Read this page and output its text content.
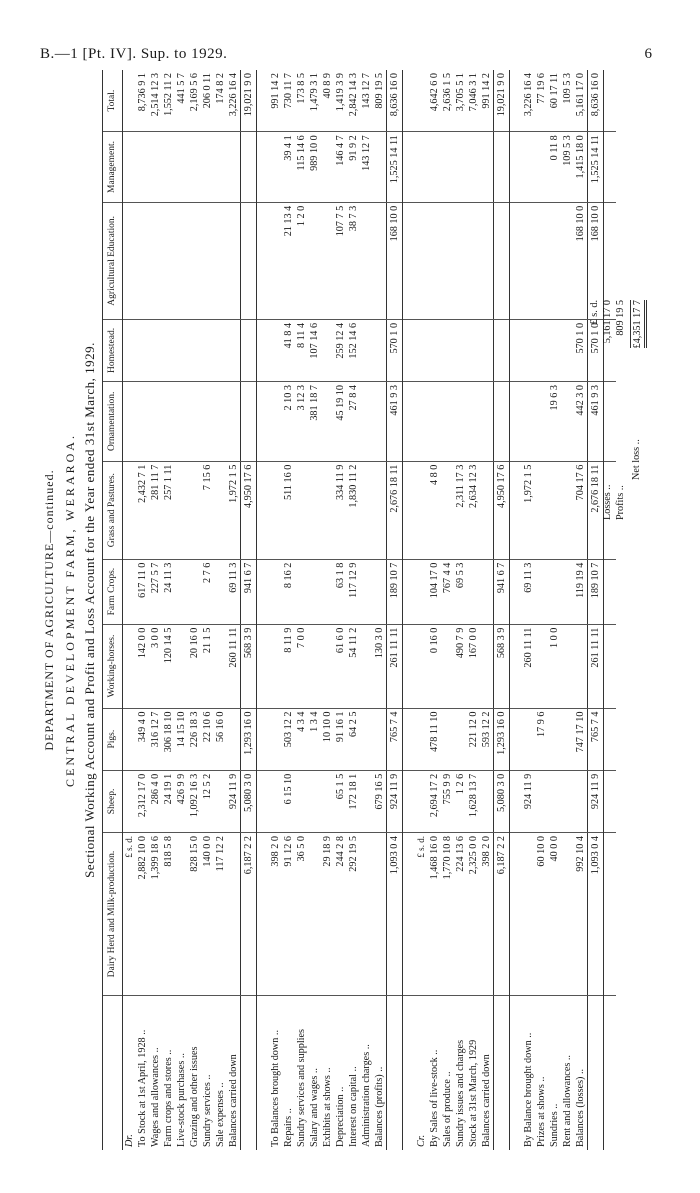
B.—1 [Pt. IV]. Sup. to 1929.	6
DEPARTMENT OF AGRICULTURE—continued. CENTRAL DEVELOPMENT FARM, WERAROA. Sectional Working Account and Profit and Loss Account for the Year ended 31st March, 1929.
	Dairy Herd and Milk-production.	Sheep.	Pigs.	Working-horses.	Farm Crops.	Grass and Pastures.	Ornamentation.	Homestead.	Agricultural Education.	Management.	Total.
Dr.	£ s. d.										
To Stock at 1st April, 1928 ..	2,882 10 0	2,312 17 0	349 4 0	142 0 0	617 11 0	2,432 7 1					8,736 9 1
Wages and allowances ..	1,399 18 6	286 4 0	316 12 7	3 0 0	227 5 7	281 11 7					2,514 12 3
Farm crops and stores ..	818 5 8	24 19 1	306 18 10	120 14 5	24 11 3	257 1 11					1,552 11 2
Live-stock purchases ..		426 9 9	14 15 10								441 5 7
Grazing and other issues	828 15 0	1,092 16 3	226 18 3	20 16 0							2,169 5 6
Sundry services ..	140 0 0	12 5 2	22 10 6	21 1 5	2 7 6	7 15 6					206 0 11
Sale expenses ..	117 12 2		56 16 0								174 8 2
Balances carried down		924 11 9		260 11 11	69 11 3	1,972 1 5					3,226 16 4
	6,187 2 2	5,080 3 0	1,293 16 0	568 3 9	941 6 7	4,950 17 6					19,021 9 0

To Balances brought down ..	398 2 0										991 14 2
Repairs ..	91 12 6	6 15 10	503 12 2	8 11 9	8 16 2	511 16 0	2 10 3	41 8 4	21 13 4	39 4 1	730 11 7
Sundry services and supplies	36 5 0		4 3 4	7 0 0			3 12 3	8 11 4	1 2 0	115 14 6	173 8 5
Salary and wages ..			1 3 4				381 18 7	107 14 6		989 10 0	1,479 3 1
Exhibits at shows ..	29 18 9		10 10 0								40 8 9
Depreciation ..	244 2 8	65 1 5	91 16 1	61 6 0	63 1 8	334 11 9	45 19 10	259 12 4	107 7 5	146 4 7	1,419 3 9
Interest on capital ..	292 19 5	172 18 1	64 2 5	54 11 2	117 12 9	1,830 11 2	27 8 4	152 14 6	38 7 3	91 9 2	2,842 14 3
Administration charges ..										143 12 7	143 12 7
Balances (profits) ..		679 16 5		130 3 0							809 19 5
	1,093 0 4	924 11 9	765 7 4	261 11 11	189 10 7	2,676 18 11	461 9 3	570 1 0	168 10 0	1,525 14 11	8,636 16 0

Cr.	£ s. d.										
By Sales of live-stock ..	1,468 16 0	2,694 17 2	478 11 10	0 16 0	104 17 0	4 8 0					4,642 6 0
Sales of produce ..	1,770 10 8	755 9 9			767 4 4						2,636 1 5
Sundry issues and charges	224 13 6	1 2 6		490 7 9	69 5 3	2,311 17 3					3,705 5 1
Stock at 31st March, 1929	2,325 0 0	1,628 13 7	221 12 0	167 0 0		2,634 12 3					7,046 3 1
Balances carried down	398 2 0		593 12 2								991 14 2
	6,187 2 2	5,080 3 0	1,293 16 0	568 3 9	941 6 7	4,950 17 6					19,021 9 0

By Balance brought down ..		924 11 9		260 11 11	69 11 3	1,972 1 5					3,226 16 4
Prizes at shows ..	60 10 0		17 9 6								77 19 6
Sundries ..	40 0 0			1 0 0			19 6 3			0 11 8	60 17 11
Rent and allowances ..										109 5 3	109 5 3
Balances (losses) ..	992 10 4		747 17 10		119 19 4	704 17 6	442 3 0	570 1 0	168 10 0	1,415 18 0	5,161 17 0
	1,093 0 4	924 11 9	765 7 4	261 11 11	189 10 7	2,676 18 11	461 9 3	570 1 0	168 10 0	1,525 14 11	8,636 16 0

£ s. d.
Losses ..
5,161 17 0
Profits ..
809 19 5
Net loss ..
£4,351 17 7
